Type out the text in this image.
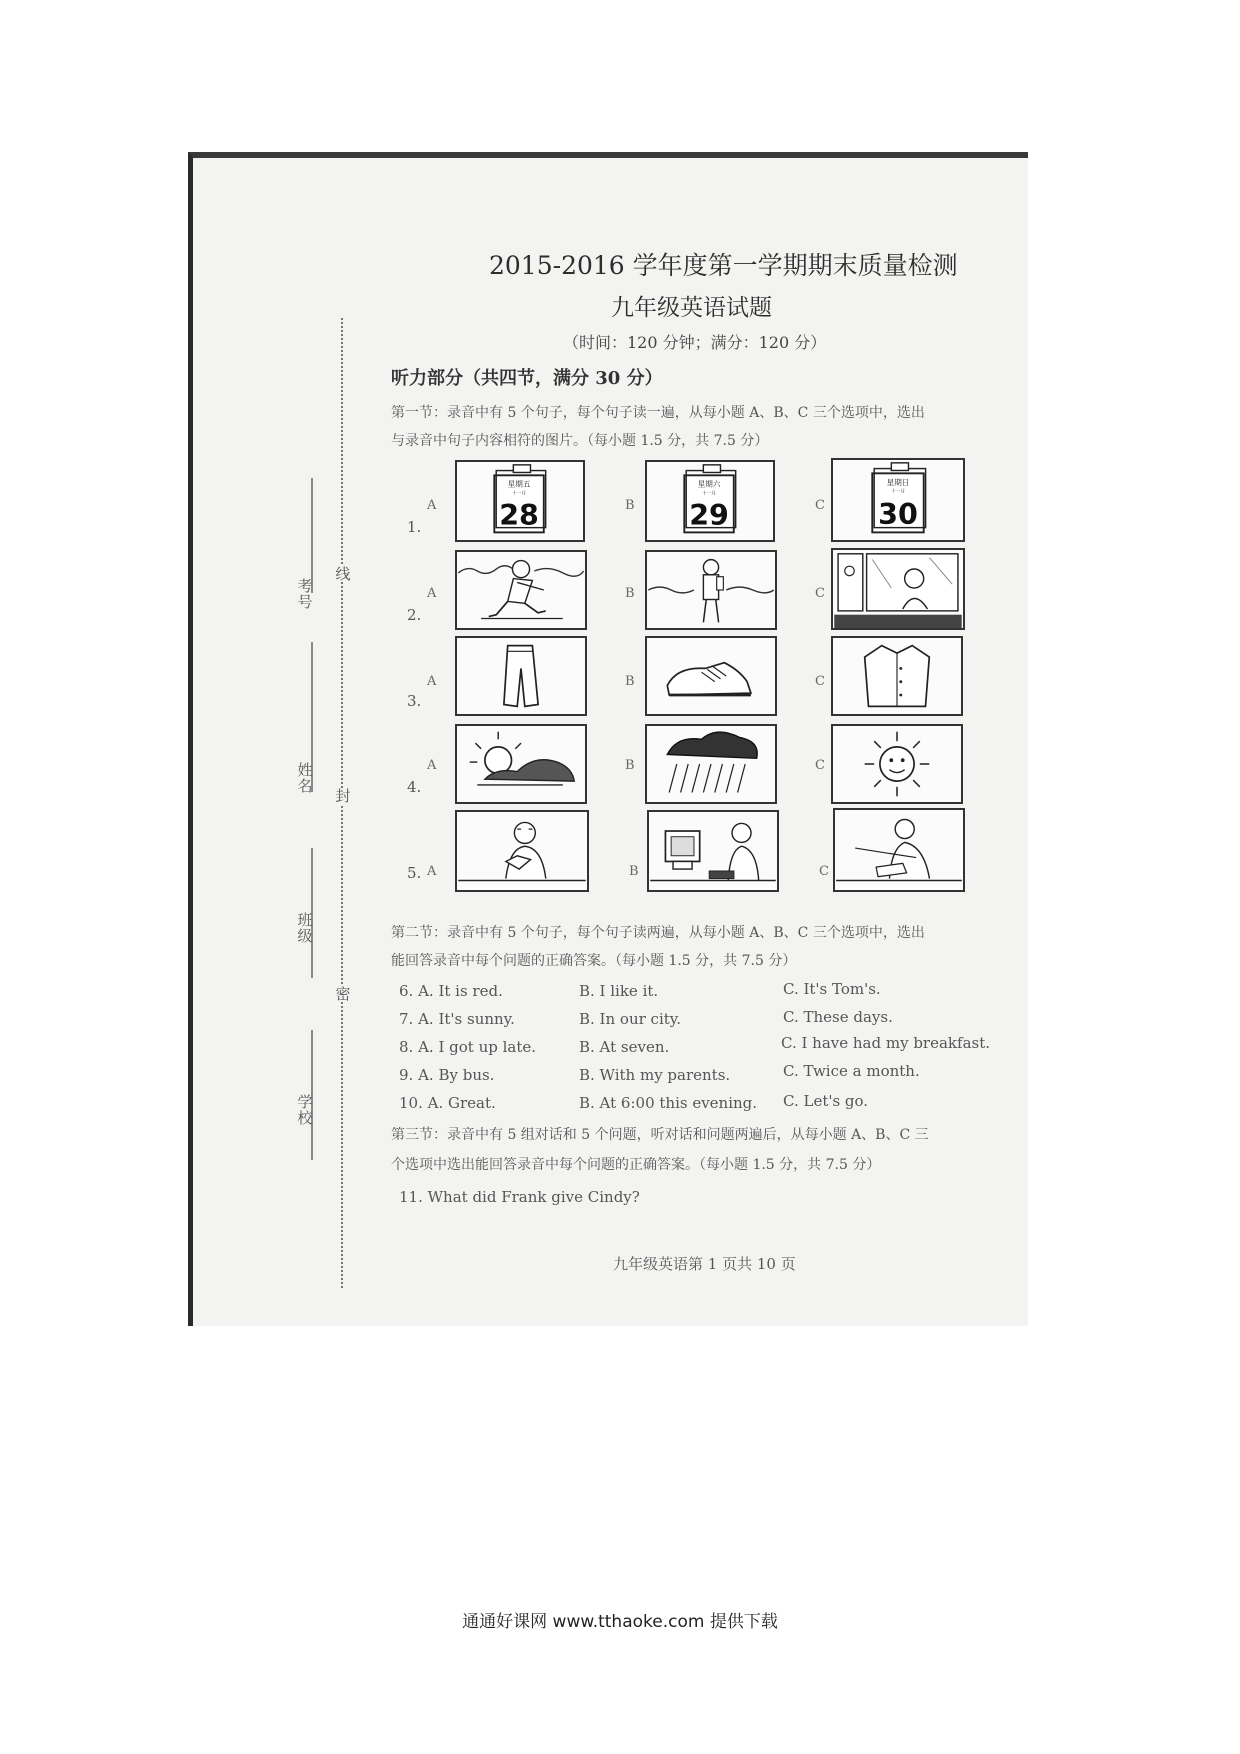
2015-2016 学年度第一学期期末质量检测
九年级英语试题
（时间：120 分钟；满分：120 分）
考号
姓名
班级
学校
线
封
密
听力部分（共四节，满分 30 分）
第一节：录音中有 5 个句子，每个句子读一遍，从每小题 A、B、C 三个选项中，选出
与录音中句子内容相符的图片。（每小题 1.5 分，共 7.5 分）
1.
2.
3.
4.
5.
A	B	C
A	B	C
A	B	C
A	B	C
A	B	C
星期五
十一月
28
星期六
十一月
29
星期日
十一月
30
第二节：录音中有 5 个句子，每个句子读两遍，从每小题 A、B、C 三个选项中，选出
能回答录音中每个问题的正确答案。（每小题 1.5 分，共 7.5 分）
6. A. It is red.	B. I like it.	C. It's Tom's.
7. A. It's sunny.	B. In our city.	C. These days.
8. A. I got up late.	B. At seven.	C. I have had my breakfast.
9. A. By bus.	B. With my parents.	C. Twice a month.
10. A. Great.	B. At 6:00 this evening. C. Let's go.
第三节：录音中有 5 组对话和 5 个问题，听对话和问题两遍后，从每小题 A、B、C 三
个选项中选出能回答录音中每个问题的正确答案。（每小题 1.5 分，共 7.5 分）
11. What did Frank give Cindy?
九年级英语第 1 页共 10 页
通通好课网 www.tthaoke.com 提供下载
